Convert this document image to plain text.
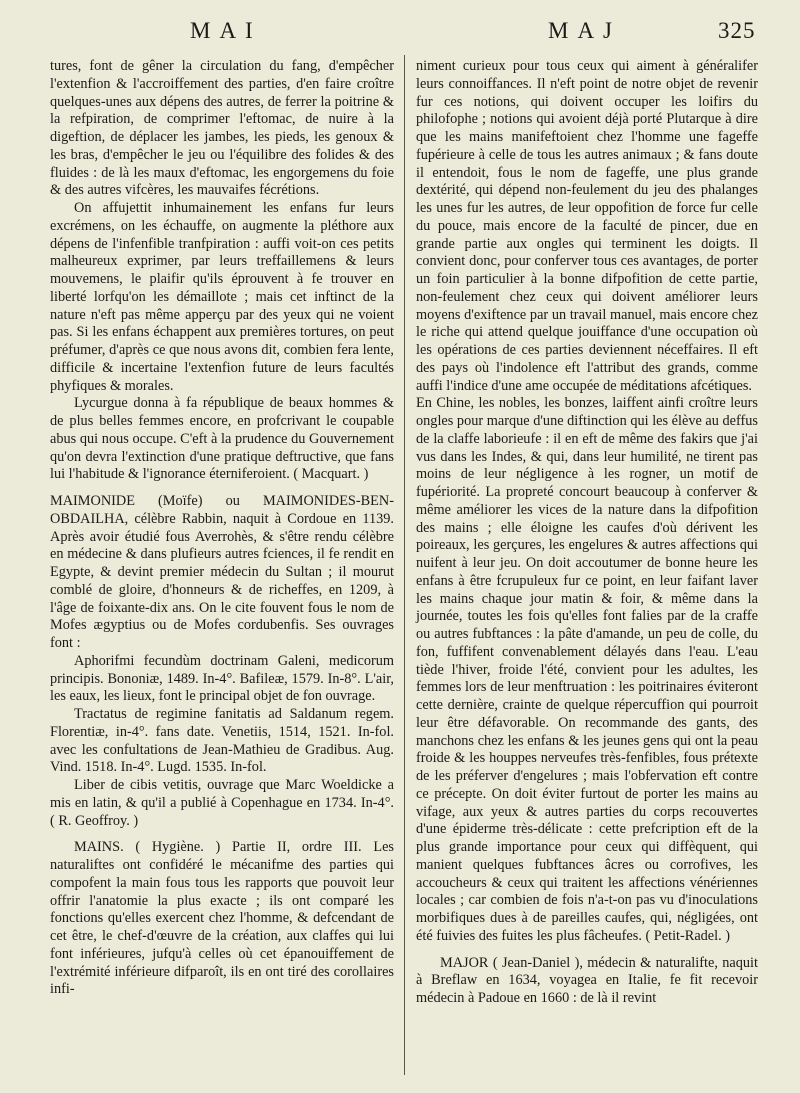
MAI	MAJ	325

tures, font de gêner la circulation du fang, d'empêcher l'extenfion & l'accroiffement des parties, d'en faire croître quelques-unes aux dépens des autres, de ferrer la poitrine & la refpiration, de comprimer l'eftomac, de nuire à la digeftion, de déplacer les jambes, les pieds, les genoux & les bras, d'empêcher le jeu ou l'équilibre des folides & des fluides : de là les maux d'eftomac, les engorgemens du foie & des autres vifcères, les mauvaifes fécrétions.

On affujettit inhumainement les enfans fur leurs excrémens, on les échauffe, on augmente la pléthore aux dépens de l'infenfible tranfpiration : auffi voit-on ces petits malheureux exprimer, par leurs treffaillemens & leurs mouvemens, le plaifir qu'ils éprouvent à fe trouver en liberté lorfqu'on les démaillote ; mais cet inftinct de la nature n'eft pas même apperçu par des yeux qui ne voient pas. Si les enfans échappent aux premières tortures, on peut préfumer, d'après ce que nous avons dit, combien fera lente, difficile & incertaine l'extenfion future de leurs facultés phyfiques & morales.

Lycurgue donna à fa république de beaux hommes & de plus belles femmes encore, en profcrivant le coupable abus qui nous occupe. C'eft à la prudence du Gouvernement qu'on devra l'extinction d'une pratique deftructive, que fans lui l'habitude & l'ignorance éterniferoient. ( Macquart. )

MAIMONIDE (Moïfe) ou MAIMONIDES-BEN-OBDAILHA, célèbre Rabbin, naquit à Cordoue en 1139. Après avoir étudié fous Averrohès, & s'être rendu célèbre en médecine & dans plufieurs autres fciences, il fe rendit en Egypte, & devint premier médecin du Sultan ; il mourut comblé de gloire, d'honneurs & de richeffes, en 1209, à l'âge de foixante-dix ans. On le cite fouvent fous le nom de Mofes ægyptius ou de Mofes cordubenfis. Ses ouvrages font :

Aphorifmi fecundùm doctrinam Galeni, medicorum principis. Bononiæ, 1489. In-4°. Bafileæ, 1579. In-8°. L'air, les eaux, les lieux, font le principal objet de fon ouvrage.

Tractatus de regimine fanitatis ad Saldanum regem. Florentiæ, in-4°. fans date. Venetiis, 1514, 1521. In-fol. avec les confultations de Jean-Mathieu de Gradibus. Aug. Vind. 1518. In-4°. Lugd. 1535. In-fol.

Liber de cibis vetitis, ouvrage que Marc Woeldicke a mis en latin, & qu'il a publié à Copenhague en 1734. In-4°. ( R. Geoffroy. )

MAINS. ( Hygiène. ) Partie II, ordre III. Les naturaliftes ont confidéré le mécanifme des parties qui compofent la main fous tous les rapports que pouvoit leur offrir l'anatomie la plus exacte ; ils ont comparé les fonctions qu'elles exercent chez l'homme, & defcendant de cet être, le chef-d'œuvre de la création, aux claffes qui lui font inférieures, jufqu'à celles où cet épanouiffement de l'extrémité inférieure difparoît, ils en ont tiré des corollaires infi-

niment curieux pour tous ceux qui aiment à généralifer leurs connoiffances. Il n'eft point de notre objet de revenir fur ces notions, qui doivent occuper les loifirs du philofophe ; notions qui avoient déjà porté Plutarque à dire que les mains manifeftoient chez l'homme une fageffe fupérieure à celle de tous les autres animaux ; & fans doute il entendoit, fous le nom de fageffe, une plus grande dextérité, qui dépend non-feulement du jeu des phalanges les unes fur les autres, de leur oppofition de force fur celle du pouce, mais encore de la faculté de pincer, due en grande partie aux ongles qui terminent les doigts. Il convient donc, pour conferver tous ces avantages, de porter un foin particulier à la bonne difpofition de cette partie, non-feulement chez ceux qui doivent améliorer leurs moyens d'exiftence par un travail manuel, mais encore chez le riche qui attend quelque jouiffance d'une occupation où les opérations de ces parties deviennent néceffaires. Il eft des pays où l'indolence eft l'attribut des grands, comme auffi l'indice d'une ame occupée de méditations afcétiques.

En Chine, les nobles, les bonzes, laiffent ainfi croître leurs ongles pour marque d'une diftinction qui les élève au deffus de la claffe laborieufe : il en eft de même des fakirs que j'ai vus dans les Indes, & qui, dans leur humilité, ne tirent pas moins de leur négligence à les rogner, un motif de fupériorité. La propreté concourt beaucoup à conferver & même améliorer les vices de la nature dans la difpofition des mains ; elle éloigne les caufes d'où dérivent les poireaux, les gerçures, les engelures & autres affections qui nuifent à leur jeu. On doit accoutumer de bonne heure les enfans à être fcrupuleux fur ce point, en leur faifant laver les mains chaque jour matin & foir, & même dans la journée, toutes les fois qu'elles font falies par de la craffe ou autres fubftances : la pâte d'amande, un peu de colle, du fon, fuffifent convenablement délayés dans l'eau. L'eau tiède l'hiver, froide l'été, convient pour les adultes, les femmes lors de leur menftruation : les poitrinaires éviteront cette dernière, crainte de quelque répercuffion qui pourroit leur être défavorable. On recommande des gants, des manchons chez les enfans & les jeunes gens qui ont la peau froide & les houppes nerveufes très-fenfibles, fous prétexte de les préferver d'engelures ; mais l'obfervation eft contre ce précepte. On doit éviter furtout de porter les mains au vifage, aux yeux & autres parties du corps recouvertes d'une épiderme très-délicate : cette prefcription eft de la plus grande importance pour ceux qui diffèquent, qui manient quelques fubftances âcres ou corrofives, les accoucheurs & ceux qui traitent les affections vénériennes locales ; car combien de fois n'a-t-on pas vu d'inoculations morbifiques dues à de pareilles caufes, qui, négligées, ont été fuivies des fuites les plus fâcheufes. ( Petit-Radel. )

MAJOR ( Jean-Daniel ), médecin & naturalifte, naquit à Breflaw en 1634, voyagea en Italie, fe fit recevoir médecin à Padoue en 1660 : de là il revint
